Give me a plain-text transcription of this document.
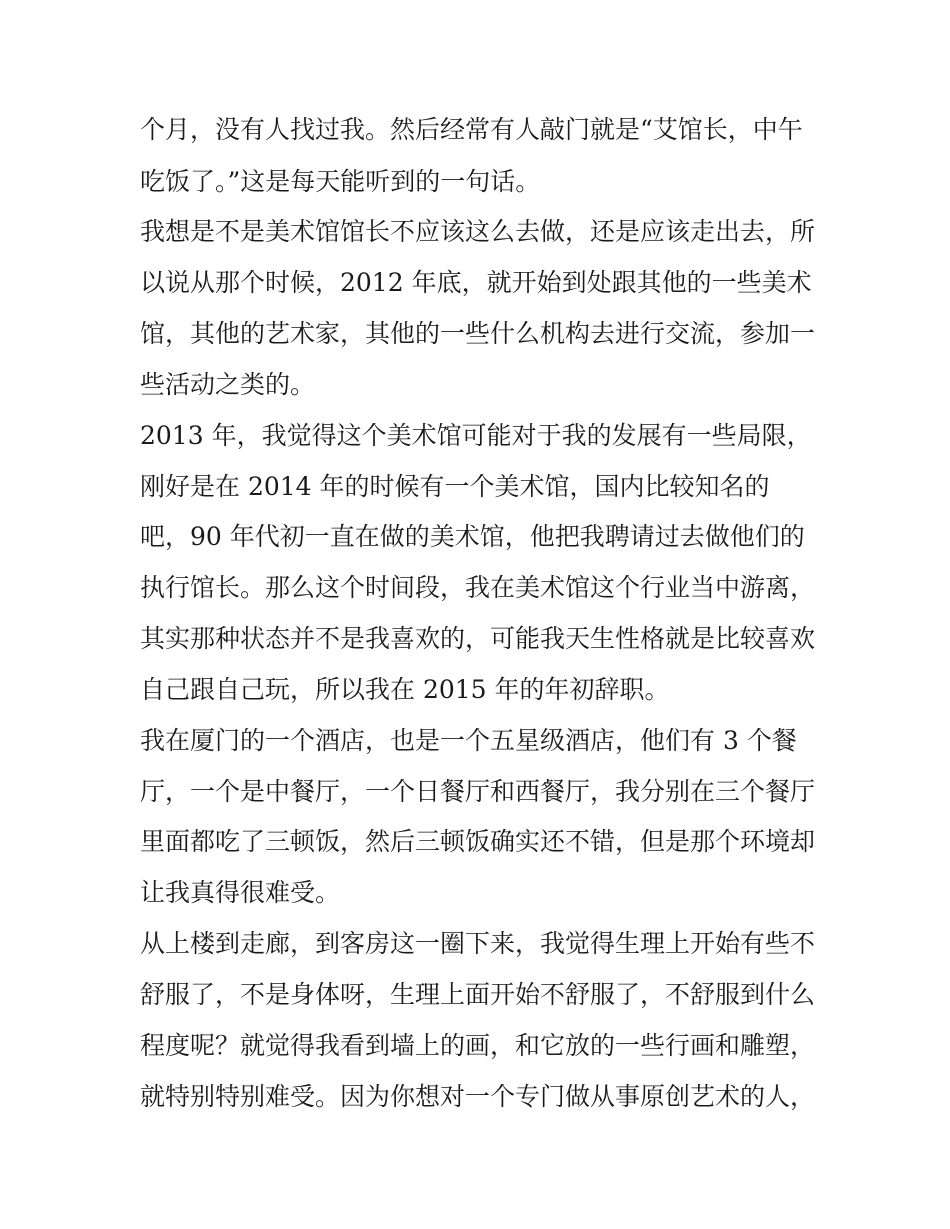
个月，没有人找过我。然后经常有人敲门就是“艾馆长，中午

吃饭了。”这是每天能听到的一句话。

我想是不是美术馆馆长不应该这么去做，还是应该走出去，所

以说从那个时候，2012 年底，就开始到处跟其他的一些美术

馆，其他的艺术家，其他的一些什么机构去进行交流，参加一

些活动之类的。

2013 年，我觉得这个美术馆可能对于我的发展有一些局限，

刚好是在 2014 年的时候有一个美术馆，国内比较知名的

吧，90 年代初一直在做的美术馆，他把我聘请过去做他们的

执行馆长。那么这个时间段，我在美术馆这个行业当中游离，

其实那种状态并不是我喜欢的，可能我天生性格就是比较喜欢

自己跟自己玩，所以我在 2015 年的年初辞职。

我在厦门的一个酒店，也是一个五星级酒店，他们有 3 个餐

厅，一个是中餐厅，一个日餐厅和西餐厅，我分别在三个餐厅

里面都吃了三顿饭，然后三顿饭确实还不错，但是那个环境却

让我真得很难受。

从上楼到走廊，到客房这一圈下来，我觉得生理上开始有些不

舒服了，不是身体呀，生理上面开始不舒服了，不舒服到什么

程度呢？就觉得我看到墙上的画，和它放的一些行画和雕塑，

就特别特别难受。因为你想对一个专门做从事原创艺术的人，
